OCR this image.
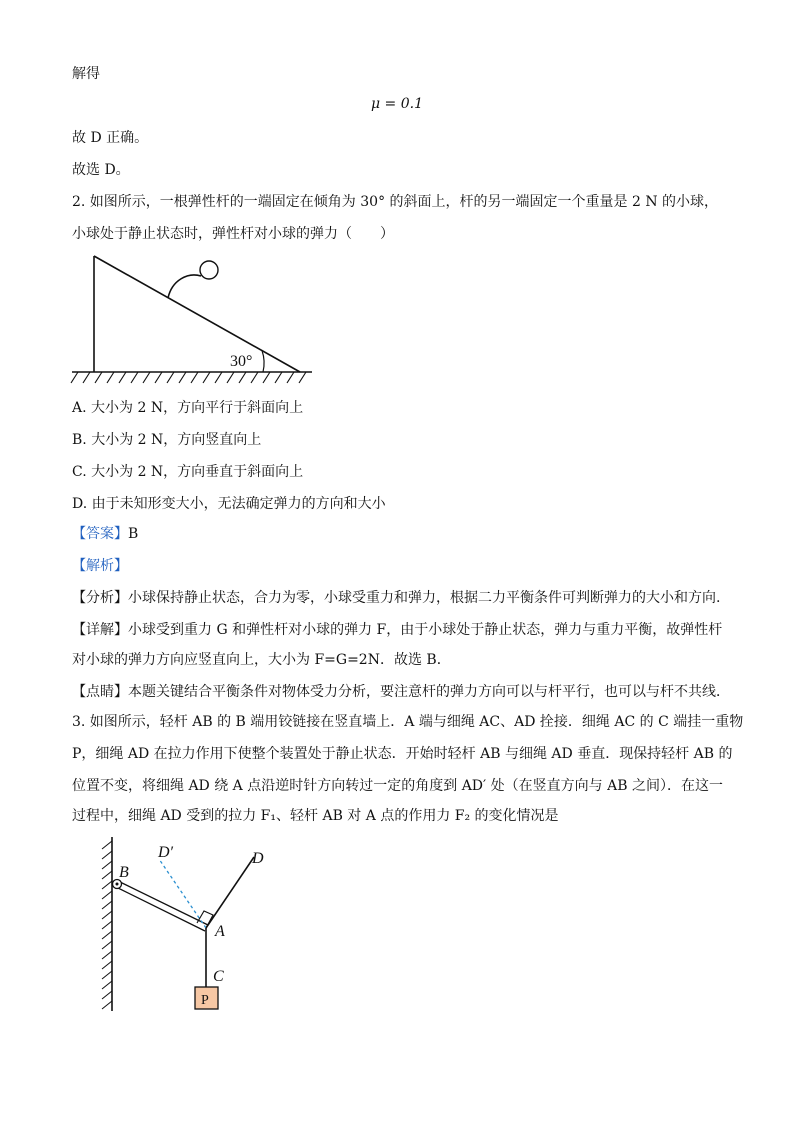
解得
μ = 0.1
故 D 正确。
故选 D。
2. 如图所示，一根弹性杆的一端固定在倾角为 30° 的斜面上，杆的另一端固定一个重量是 2 N 的小球，
小球处于静止状态时，弹性杆对小球的弹力（　　）
30°
A. 大小为 2 N，方向平行于斜面向上
B. 大小为 2 N，方向竖直向上
C. 大小为 2 N，方向垂直于斜面向上
D. 由于未知形变大小，无法确定弹力的方向和大小
【答案】B
【解析】
【分析】小球保持静止状态，合力为零，小球受重力和弹力，根据二力平衡条件可判断弹力的大小和方向.
【详解】小球受到重力 G 和弹性杆对小球的弹力 F，由于小球处于静止状态，弹力与重力平衡，故弹性杆
对小球的弹力方向应竖直向上，大小为 F=G=2N．故选 B．
【点睛】本题关键结合平衡条件对物体受力分析，要注意杆的弹力方向可以与杆平行，也可以与杆不共线．
3. 如图所示，轻杆 AB 的 B 端用铰链接在竖直墙上．A 端与细绳 AC、AD 拴接．细绳 AC 的 C 端挂一重物
P，细绳 AD 在拉力作用下使整个装置处于静止状态．开始时轻杆 AB 与细绳 AD 垂直．现保持轻杆 AB 的
位置不变，将细绳 AD 绕 A 点沿逆时针方向转过一定的角度到 AD′ 处（在竖直方向与 AB 之间）．在这一
过程中，细绳 AD 受到的拉力 F₁、轻杆 AB 对 A 点的作用力 F₂ 的变化情况是
P
B
A
C
D
D′
